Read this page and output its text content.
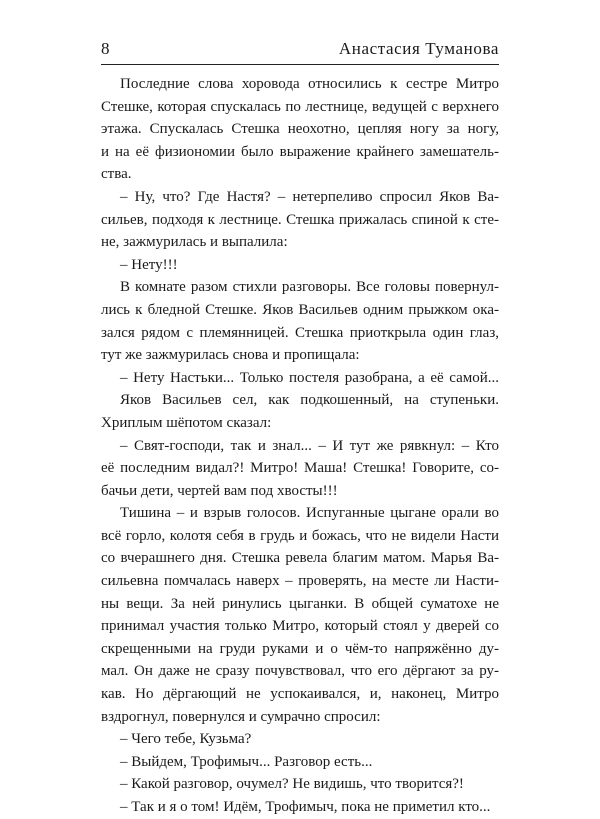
8	Анастасия Туманова
Последние слова хоровода относились к сестре Митро
Стешке, которая спускалась по лестнице, ведущей с верхнего
этажа. Спускалась Стешка неохотно, цепляя ногу за ногу,
и на её физиономии было выражение крайнего замешатель-
ства.
– Ну, что? Где Настя? – нетерпеливо спросил Яков Ва-
сильев, подходя к лестнице. Стешка прижалась спиной к сте-
не, зажмурилась и выпалила:
– Нету!!!
В комнате разом стихли разговоры. Все головы повернул-
лись к бледной Стешке. Яков Васильев одним прыжком ока-
зался рядом с племянницей. Стешка приоткрыла один глаз,
тут же зажмурилась снова и пропищала:
– Нету Настьки... Только постеля разобрана, а её самой...
Яков Васильев сел, как подкошенный, на ступеньки.
Хриплым шёпотом сказал:
– Свят-господи, так и знал... – И тут же рявкнул: – Кто
её последним видал?! Митро! Маша! Стешка! Говорите, со-
бачьи дети, чертей вам под хвосты!!!
Тишина – и взрыв голосов. Испуганные цыгане орали во
всё горло, колотя себя в грудь и божась, что не видели Насти
со вчерашнего дня. Стешка ревела благим матом. Марья Ва-
сильевна помчалась наверх – проверять, на месте ли Насти-
ны вещи. За ней ринулись цыганки. В общей суматохе не
принимал участия только Митро, который стоял у дверей со
скрещенными на груди руками и о чём-то напряжённо ду-
мал. Он даже не сразу почувствовал, что его дёргают за ру-
кав. Но дёргающий не успокаивался, и, наконец, Митро
вздрогнул, повернулся и сумрачно спросил:
– Чего тебе, Кузьма?
– Выйдем, Трофимыч... Разговор есть...
– Какой разговор, очумел? Не видишь, что творится?!
– Так и я о том! Идём, Трофимыч, пока не приметил кто...
